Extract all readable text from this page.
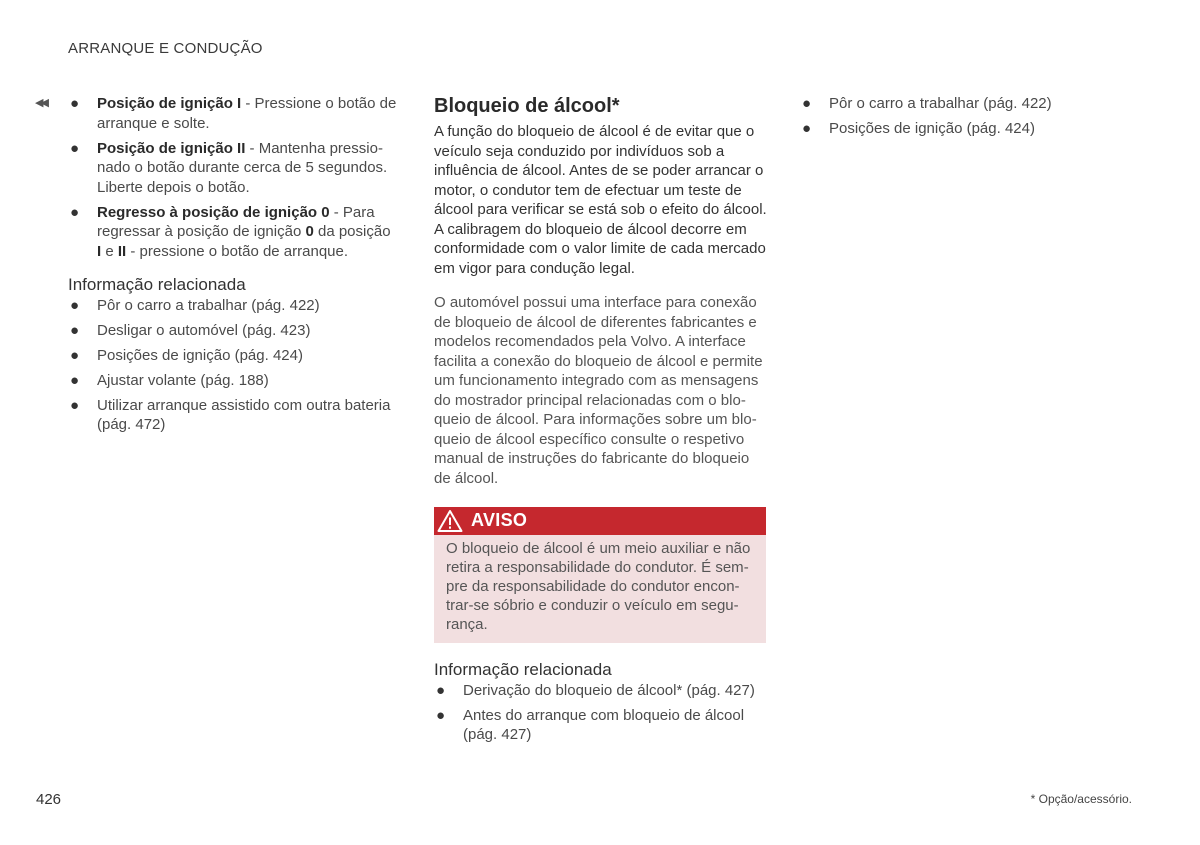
ARRANQUE E CONDUÇÃO
◀◀ ● Posição de ignição I - Pressione o botão de arranque e solte.
● Posição de ignição II - Mantenha pressionado o botão durante cerca de 5 segundos. Liberte depois o botão.
● Regresso à posição de ignição 0 - Para regressar à posição de ignição 0 da posição I e II - pressione o botão de arranque.
Informação relacionada
● Pôr o carro a trabalhar (pág. 422)
● Desligar o automóvel (pág. 423)
● Posições de ignição (pág. 424)
● Ajustar volante (pág. 188)
● Utilizar arranque assistido com outra bateria (pág. 472)
Bloqueio de álcool*

A função do bloqueio de álcool é de evitar que o veículo seja conduzido por indivíduos sob a influência de álcool. Antes de se poder arrancar o motor, o condutor tem de efectuar um teste de álcool para verificar se está sob o efeito do álcool. A calibragem do bloqueio de álcool decorre em conformidade com o valor limite de cada mercado em vigor para condução legal.

O automóvel possui uma interface para conexão de bloqueio de álcool de diferentes fabricantes e modelos recomendados pela Volvo. A interface facilita a conexão do bloqueio de álcool e permite um funcionamento integrado com as mensagens do mostrador principal relacionadas com o bloqueio de álcool. Para informações sobre um bloqueio de álcool específico consulte o respetivo manual de instruções do fabricante do bloqueio de álcool.

AVISO
O bloqueio de álcool é um meio auxiliar e não retira a responsabilidade do condutor. É sempre da responsabilidade do condutor encontrar-se sóbrio e conduzir o veículo em segurança.
Informação relacionada
● Derivação do bloqueio de álcool* (pág. 427)
● Antes do arranque com bloqueio de álcool (pág. 427)
● Pôr o carro a trabalhar (pág. 422)
● Posições de ignição (pág. 424)
426	* Opção/acessório.
